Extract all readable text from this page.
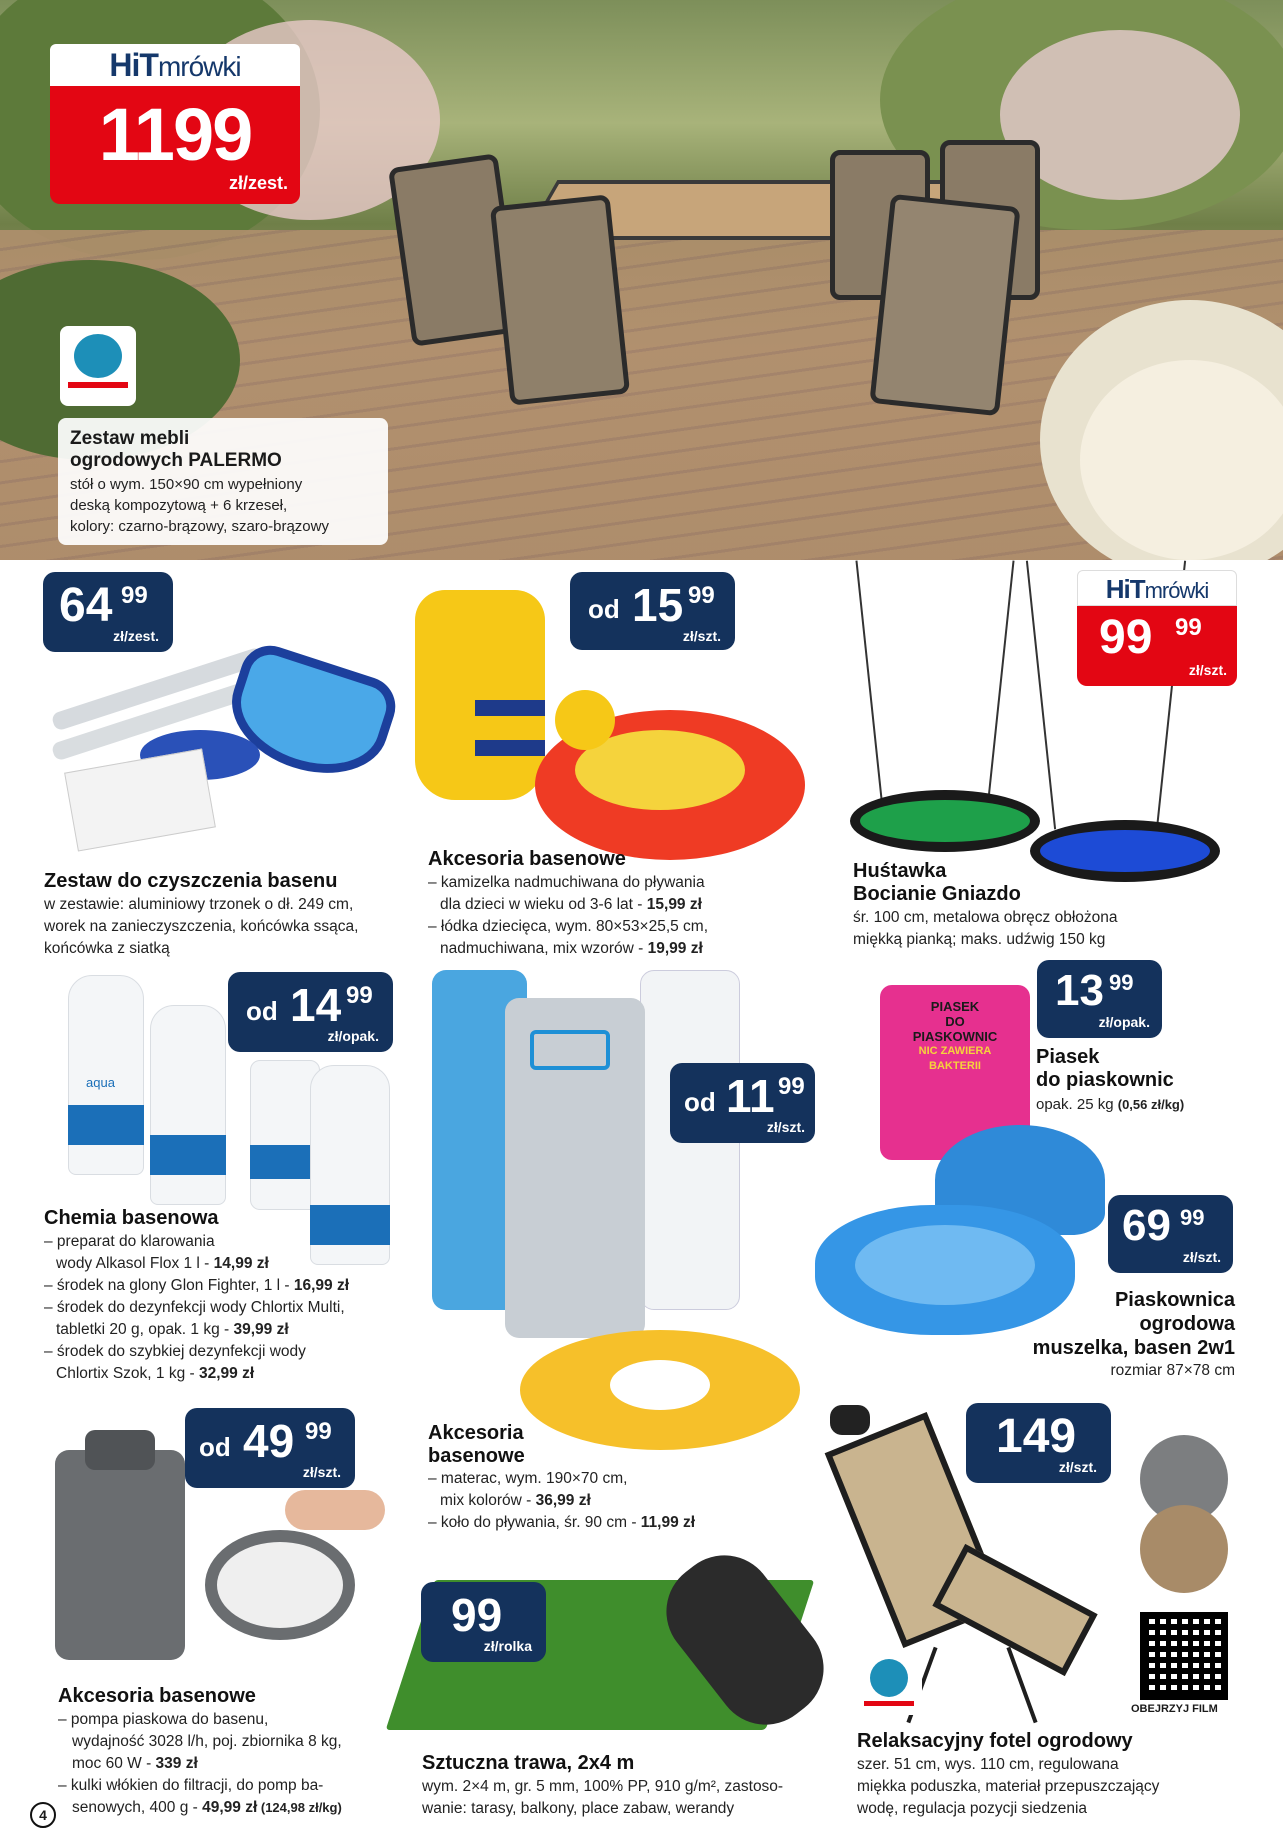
HiTmrówki
1199
zł/zest.
Zestaw mebli
ogrodowych PALERMO
stół o wym. 150×90 cm wypełniony
deską kompozytową + 6 krzeseł,
kolory: czarno-brązowy, szaro-brązowy
64 99
zł/zest.
Zestaw do czyszczenia basenu
w zestawie: aluminiowy trzonek o dł. 249 cm,
worek na zanieczyszczenia, końcówka ssąca,
końcówka z siatką
od 15 99
zł/szt.
Akcesoria basenowe
– kamizelka nadmuchiwana do pływania
dla dzieci w wieku od 3-6 lat - 15,99 zł
– łódka dziecięca, wym. 80×53×25,5 cm,
nadmuchiwana, mix wzorów - 19,99 zł
HiTmrówki
99 99
zł/szt.
Huśtawka
Bocianie Gniazdo
śr. 100 cm, metalowa obręcz obłożona
miękką pianką; maks. udźwig 150 kg
aqua
od 14 99
zł/opak.
Chemia basenowa
– preparat do klarowania
wody Alkasol Flox 1 l - 14,99 zł
– środek na glony Glon Fighter, 1 l - 16,99 zł
– środek do dezynfekcji wody Chlortix Multi,
tabletki 20 g, opak. 1 kg - 39,99 zł
– środek do szybkiej dezynfekcji wody
Chlortix Szok, 1 kg - 32,99 zł
od 11 99
zł/szt.
Akcesoria
basenowe
– materac, wym. 190×70 cm,
mix kolorów - 36,99 zł
– koło do pływania, śr. 90 cm - 11,99 zł
PIASEK
DO
PIASKOWNIC
NIC ZAWIERA
BAKTERII
13 99
zł/opak.
Piasek
do piaskownic
opak. 25 kg (0,56 zł/kg)
69 99
zł/szt.
Piaskownica
ogrodowa
muszelka, basen 2w1
rozmiar 87×78 cm
od 49 99
zł/szt.
Akcesoria basenowe
– pompa piaskowa do basenu,
wydajność 3028 l/h, poj. zbiornika 8 kg,
moc 60 W - 339 zł
– kulki włókien do filtracji, do pomp ba-
senowych, 400 g - 49,99 zł (124,98 zł/kg)
99
zł/rolka
Sztuczna trawa, 2x4 m
wym. 2×4 m, gr. 5 mm, 100% PP, 910 g/m², zastoso-
wanie: tarasy, balkony, place zabaw, werandy
149
zł/szt.
OBEJRZYJ FILM
Relaksacyjny fotel ogrodowy
szer. 51 cm, wys. 110 cm, regulowana
miękka poduszka, materiał przepuszczający
wodę, regulacja pozycji siedzenia
4
